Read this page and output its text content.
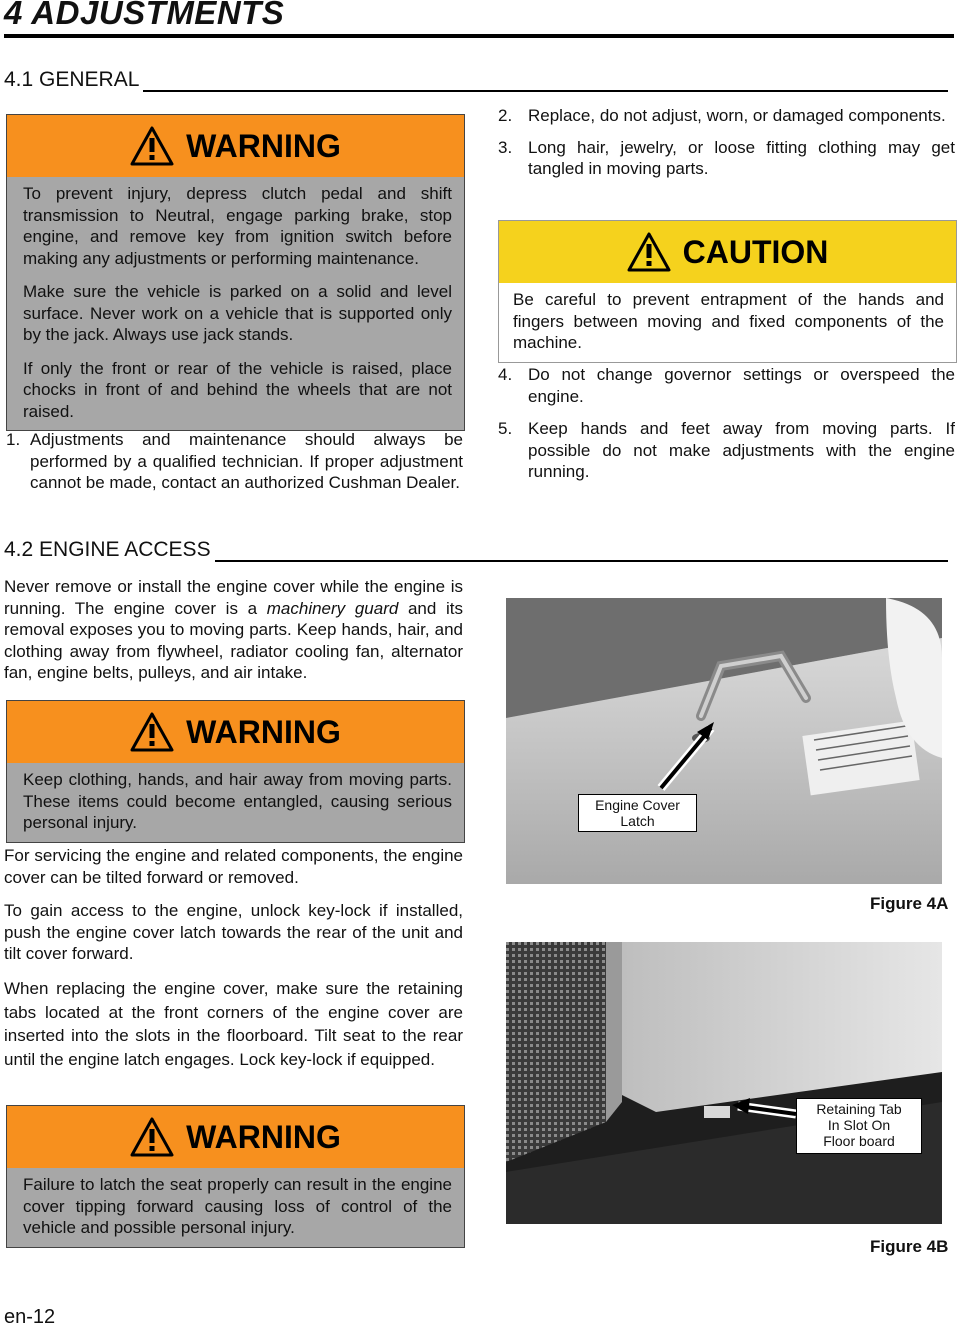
4 ADJUSTMENTS
4.1 GENERAL
WARNING

To prevent injury, depress clutch pedal and shift transmission to Neutral, engage parking brake, stop engine, and remove key from ignition switch before making any adjustments or performing maintenance.

Make sure the vehicle is parked on a solid and level surface. Never work on a vehicle that is supported only by the jack. Always use jack stands.

If only the front or rear of the vehicle is raised, place chocks in front of and behind the wheels that are not raised.

1. Adjustments and maintenance should always be performed by a qualified technician. If proper adjustment cannot be made, contact an authorized Cushman Dealer.
2. Replace, do not adjust, worn, or damaged components.
3. Long hair, jewelry, or loose fitting clothing may get tangled in moving parts.
CAUTION
Be careful to prevent entrapment of the hands and fingers between moving and fixed components of the machine.
4. Do not change governor settings or overspeed the engine.
5. Keep hands and feet away from moving parts. If possible do not make adjustments with the engine running.
4.2 ENGINE ACCESS
Never remove or install the engine cover while the engine is running. The engine cover is a machinery guard and its removal exposes you to moving parts. Keep hands, hair, and clothing away from flywheel, radiator cooling fan, alternator fan, engine belts, pulleys, and air intake.
WARNING
Keep clothing, hands, and hair away from moving parts. These items could become entangled, causing serious personal injury.
For servicing the engine and related components, the engine cover can be tilted forward or removed.
To gain access to the engine, unlock key-lock if installed, push the engine cover latch towards the rear of the unit and tilt cover forward.
When replacing the engine cover, make sure the retaining tabs located at the front corners of the engine cover are inserted into the slots in the floorboard. Tilt seat to the rear until the engine latch engages. Lock key-lock if equipped.
WARNING
Failure to latch the seat properly can result in the engine cover tipping forward causing loss of control of the vehicle and possible personal injury.
Engine Cover
Latch
Figure 4A
Retaining Tab
In Slot On
Floor board
Figure 4B
en-12
